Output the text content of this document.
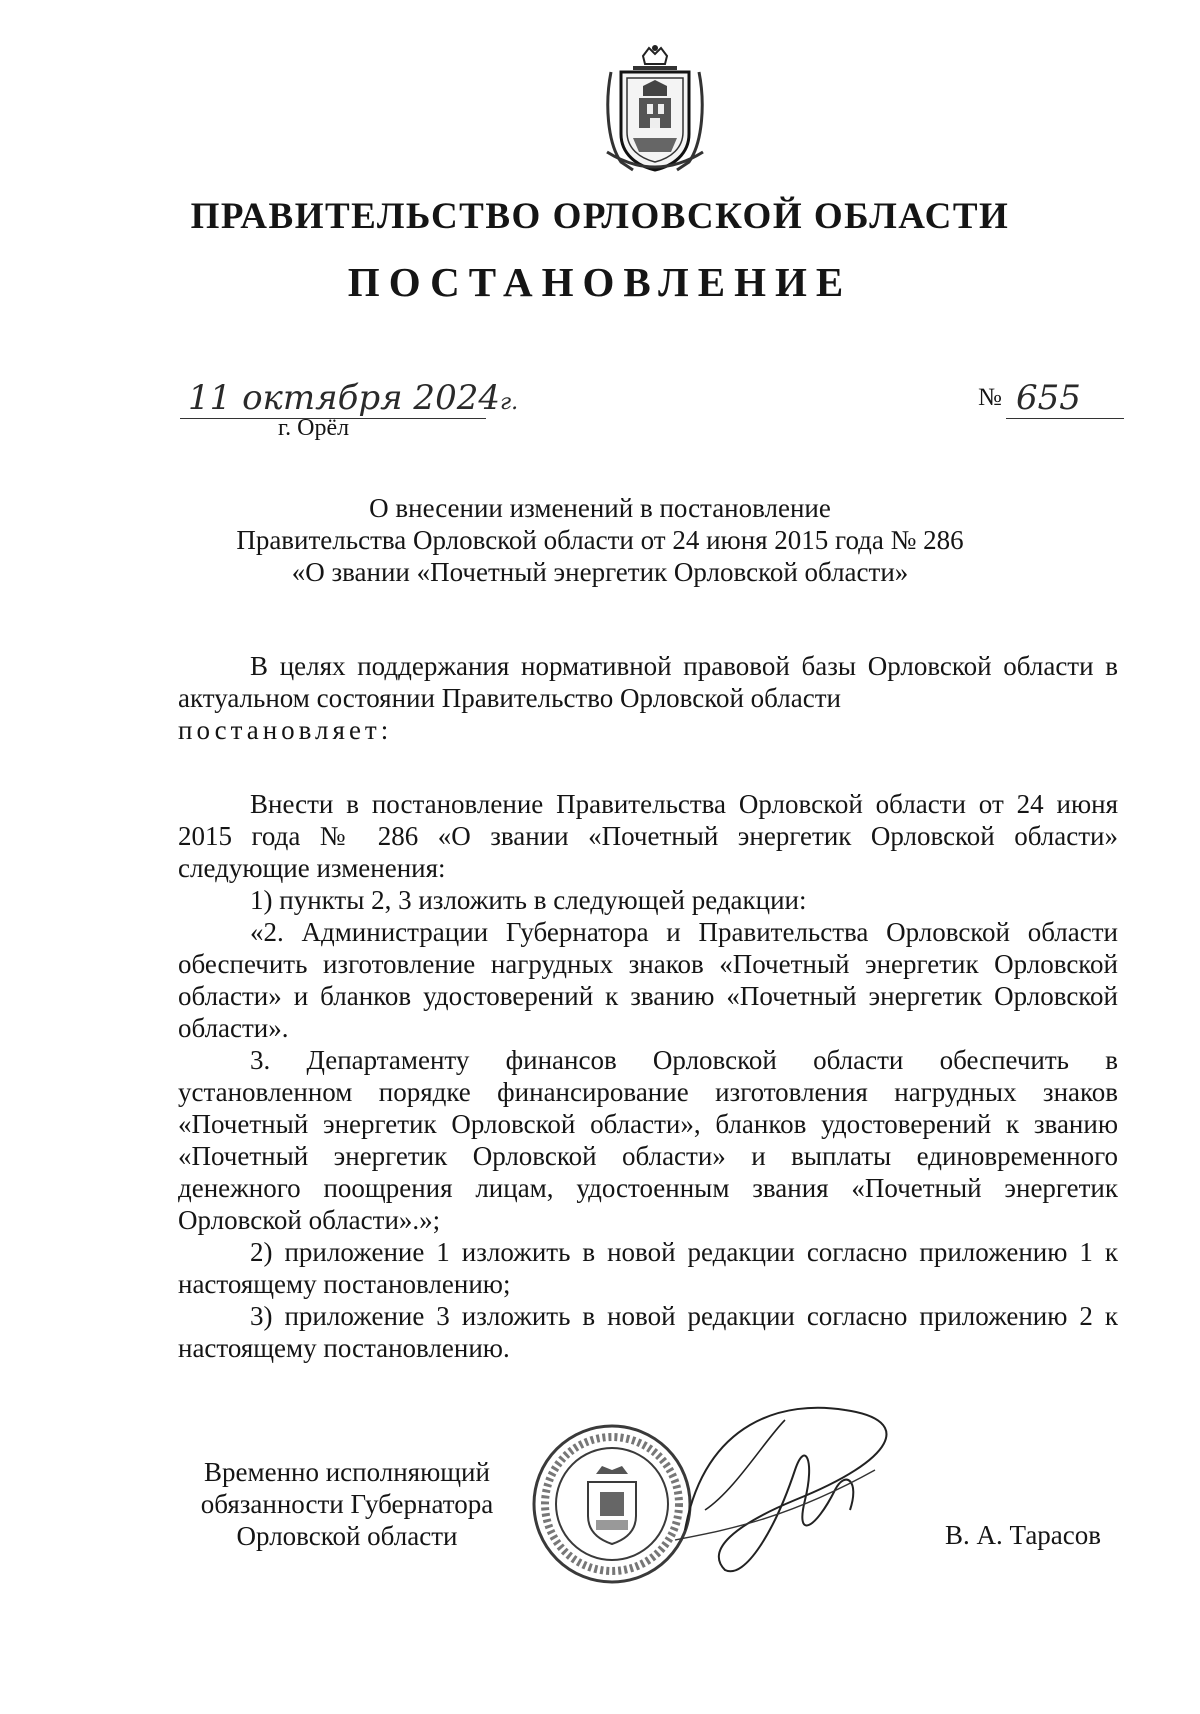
ПРАВИТЕЛЬСТВО ОРЛОВСКОЙ ОБЛАСТИ
ПОСТАНОВЛЕНИЕ
11 октября 2024г.
г. Орёл
№ 655
О внесении изменений в постановление
Правительства Орловской области от 24 июня 2015 года № 286
«О звании «Почетный энергетик Орловской области»

В целях поддержания нормативной правовой базы Орловской области в актуальном состоянии Правительство Орловской области

постановляет:

Внести в постановление Правительства Орловской области от 24 июня 2015 года № 286 «О звании «Почетный энергетик Орловской области» следующие изменения:

1) пункты 2, 3 изложить в следующей редакции:

«2. Администрации Губернатора и Правительства Орловской области обеспечить изготовление нагрудных знаков «Почетный энергетик Орловской области» и бланков удостоверений к званию «Почетный энергетик Орловской области».

3. Департаменту финансов Орловской области обеспечить в установленном порядке финансирование изготовления нагрудных знаков «Почетный энергетик Орловской области», бланков удостоверений к званию «Почетный энергетик Орловской области» и выплаты единовременного денежного поощрения лицам, удостоенным звания «Почетный энергетик Орловской области».»;

2) приложение 1 изложить в новой редакции согласно приложению 1 к настоящему постановлению;

3) приложение 3 изложить в новой редакции согласно приложению 2 к настоящему постановлению.

Временно исполняющий
обязанности Губернатора
Орловской области	В. А. Тарасов
